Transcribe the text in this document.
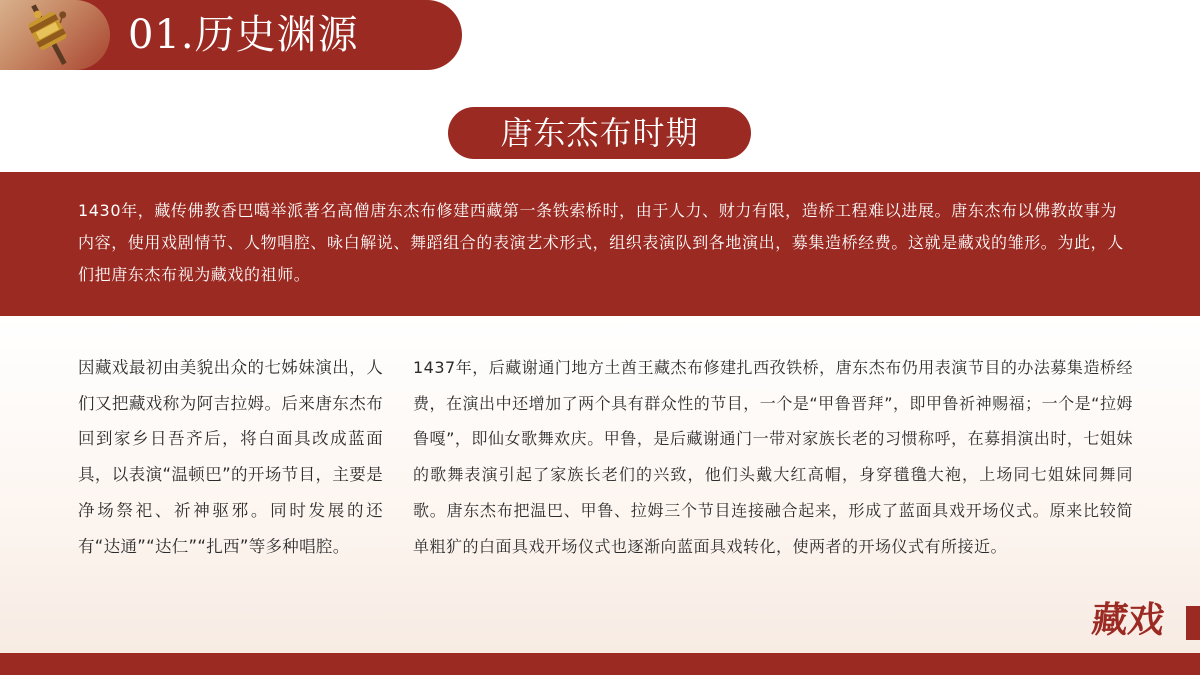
01.历史渊源
唐东杰布时期
1430年，藏传佛教香巴噶举派著名高僧唐东杰布修建西藏第一条铁索桥时，由于人力、财力有限，造桥工程难以进展。唐东杰布以佛教故事为内容，使用戏剧情节、人物唱腔、咏白解说、舞蹈组合的表演艺术形式，组织表演队到各地演出，募集造桥经费。这就是藏戏的雏形。为此，人们把唐东杰布视为藏戏的祖师。
因藏戏最初由美貌出众的七姊妹演出，人们又把藏戏称为阿吉拉姆。后来唐东杰布回到家乡日吾齐后，将白面具改成蓝面具，以表演“温顿巴”的开场节目，主要是净场祭祀、祈神驱邪。同时发展的还有“达通”“达仁”“扎西”等多种唱腔。
1437年，后藏谢通门地方土酋王藏杰布修建扎西孜铁桥，唐东杰布仍用表演节目的办法募集造桥经费，在演出中还增加了两个具有群众性的节目，一个是“甲鲁晋拜”，即甲鲁祈神赐福；一个是“拉姆鲁嘎”，即仙女歌舞欢庆。甲鲁，是后藏谢通门一带对家族长老的习惯称呼，在募捐演出时，七姐妹的歌舞表演引起了家族长老们的兴致，他们头戴大红高帽，身穿氆氇大袍，上场同七姐妹同舞同歌。唐东杰布把温巴、甲鲁、拉姆三个节目连接融合起来，形成了蓝面具戏开场仪式。原来比较简单粗犷的白面具戏开场仪式也逐渐向蓝面具戏转化，使两者的开场仪式有所接近。
藏戏
